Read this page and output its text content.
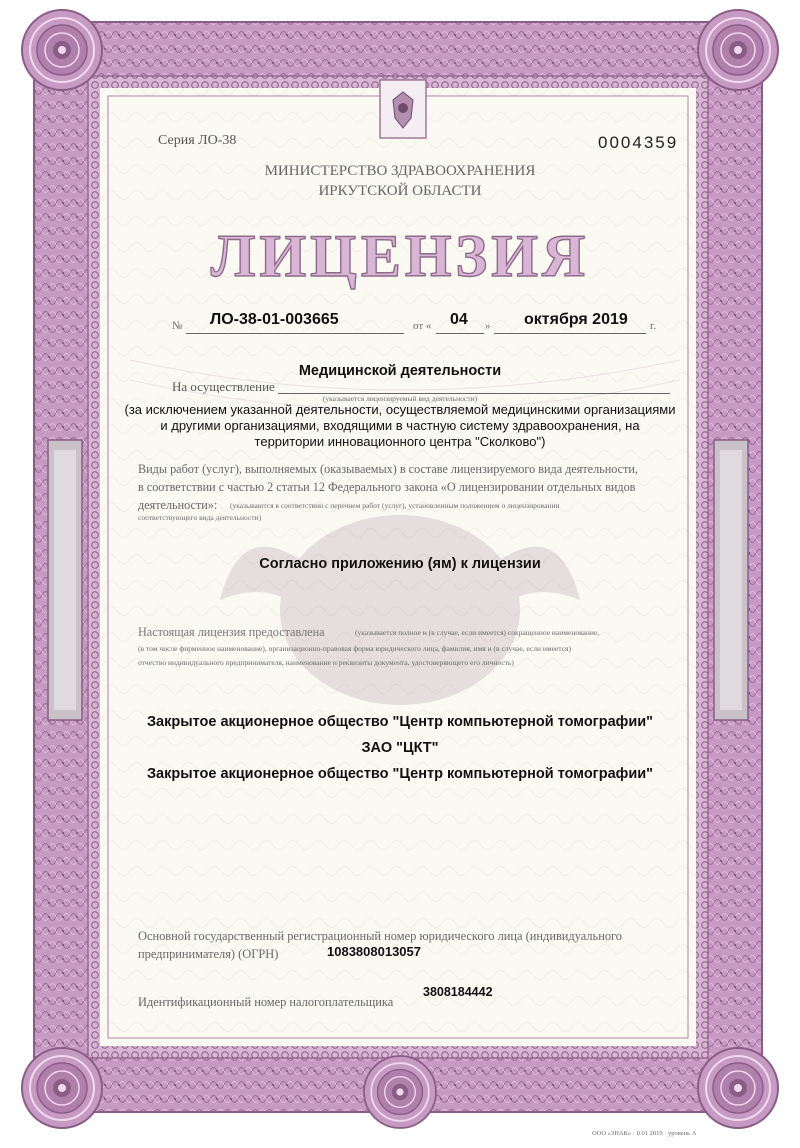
ЛИЦЕНЗИЯ
Серия ЛО-38	0004359
МИНИСТЕРСТВО ЗДРАВООХРАНЕНИЯ
ИРКУТСКОЙ ОБЛАСТИ
№ ЛО-38-01-003665	от « 04 » октября 2019 г.
Медицинской деятельности
На осуществление
(указывается лицензируемый вид деятельности)
(за исключением указанной деятельности, осуществляемой медицинскими организациями
и другими организациями, входящими в частную систему здравоохранения, на
территории инновационного центра "Сколково")
Виды работ (услуг), выполняемых (оказываемых) в составе лицензируемого вида деятельности,
в соответствии с частью 2 статьи 12 Федерального закона «О лицензировании отдельных видов
деятельности»: (указываются в соответствии с перечнем работ (услуг), установленным положением о лицензировании
соответствующего вида деятельности)
Согласно приложению (ям) к лицензии
Настоящая лицензия предоставлена	(указывается полное и (в случае, если имеется) сокращенное наименование,
(в том числе фирменное наименование), организационно-правовая форма юридического лица, фамилия, имя и (в случае, если имеется)
отчество индивидуального предпринимателя, наименование и реквизиты документа, удостоверяющего его личность)
Закрытое акционерное общество "Центр компьютерной томографии"
ЗАО "ЦКТ"
Закрытое акционерное общество "Центр компьютерной томографии"
Основной государственный регистрационный номер юридического лица (индивидуального
предпринимателя) (ОГРН)	1083808013057
Идентификационный номер налогоплательщика
3808184442
ООО «ЗНАК» · 0 01 2019 · уровень А
